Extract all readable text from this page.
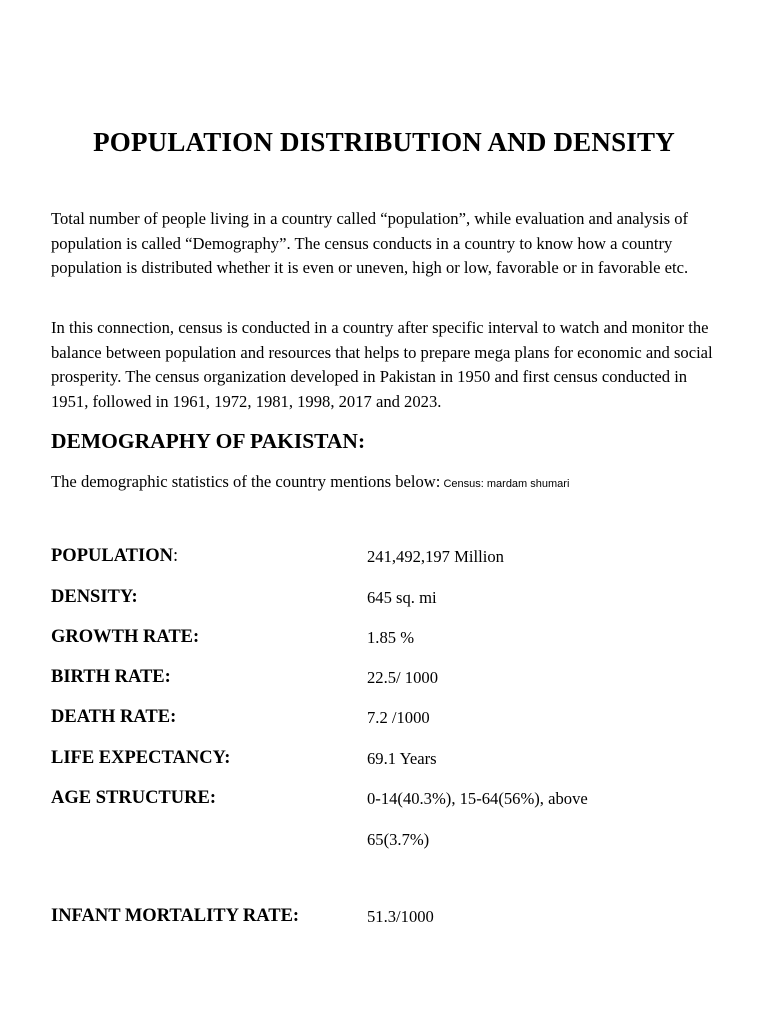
POPULATION DISTRIBUTION AND DENSITY

Total number of people living in a country called “population”, while evaluation and analysis of population is called “Demography”. The census conducts in a country to know how a country population is distributed whether it is even or uneven, high or low, favorable or in favorable etc.

In this connection, census is conducted in a country after specific interval to watch and monitor the balance between population and resources that helps to prepare mega plans for economic and social prosperity. The census organization developed in Pakistan in 1950 and first census conducted in 1951, followed in 1961, 1972, 1981, 1998, 2017 and 2023.

DEMOGRAPHY OF PAKISTAN:
The demographic statistics of the country mentions below: Census: mardam shumari
POPULATION:	241,492,197 Million
DENSITY:	645 sq. mi
GROWTH RATE:	1.85 %
BIRTH RATE:	22.5/ 1000
DEATH RATE:	7.2 /1000
LIFE EXPECTANCY:	69.1 Years
AGE STRUCTURE:	0-14(40.3%), 15-64(56%), above
65(3.7%)
INFANT MORTALITY RATE:	51.3/1000
